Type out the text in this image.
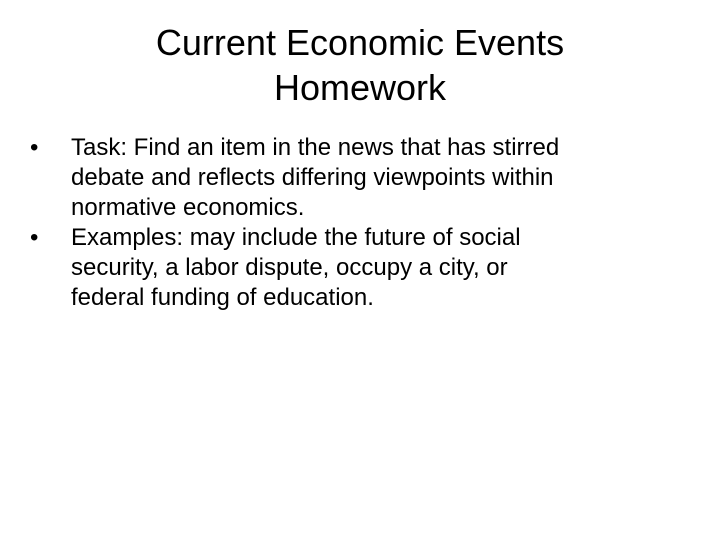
Current Economic Events
Homework
•	Task: Find an item in the news that has stirred
debate and reflects differing viewpoints within
normative economics.
•	Examples: may include the future of social
security, a labor dispute, occupy a city, or
federal funding of education.
